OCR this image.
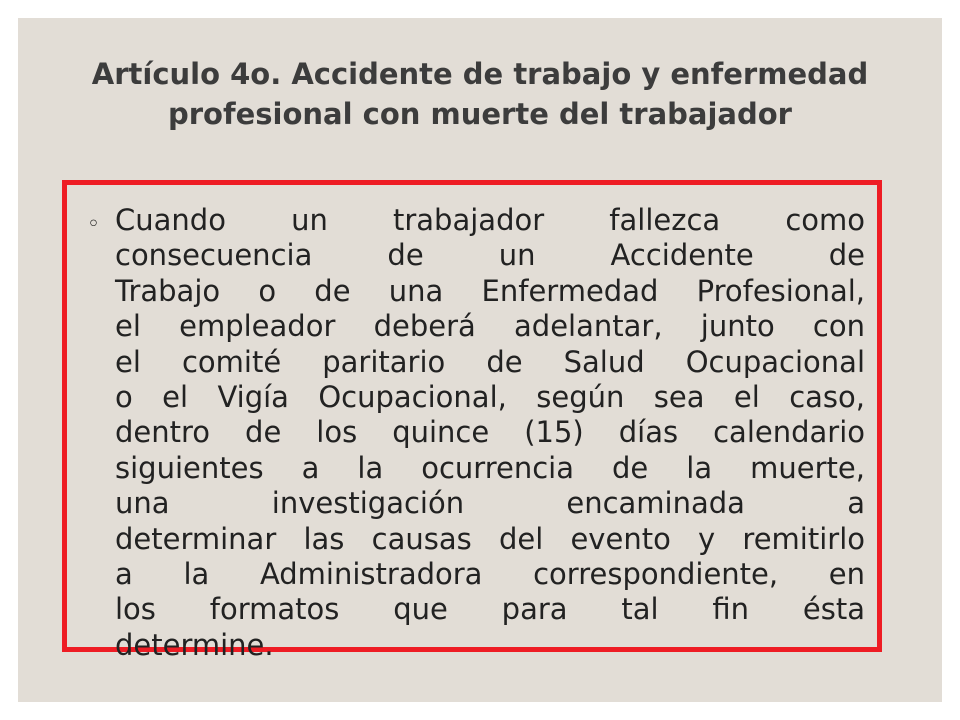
Artículo 4o. Accidente de trabajo y enfermedad
profesional con muerte del trabajador
◦ Cuando un trabajador fallezca como
consecuencia de un Accidente de
Trabajo o de una Enfermedad Profesional,
el empleador deberá adelantar, junto con
el comité paritario de Salud Ocupacional
o el Vigía Ocupacional, según sea el caso,
dentro de los quince (15) días calendario
siguientes a la ocurrencia de la muerte,
una investigación encaminada a
determinar las causas del evento y remitirlo
a la Administradora correspondiente, en
los formatos que para tal fin ésta
determine.
